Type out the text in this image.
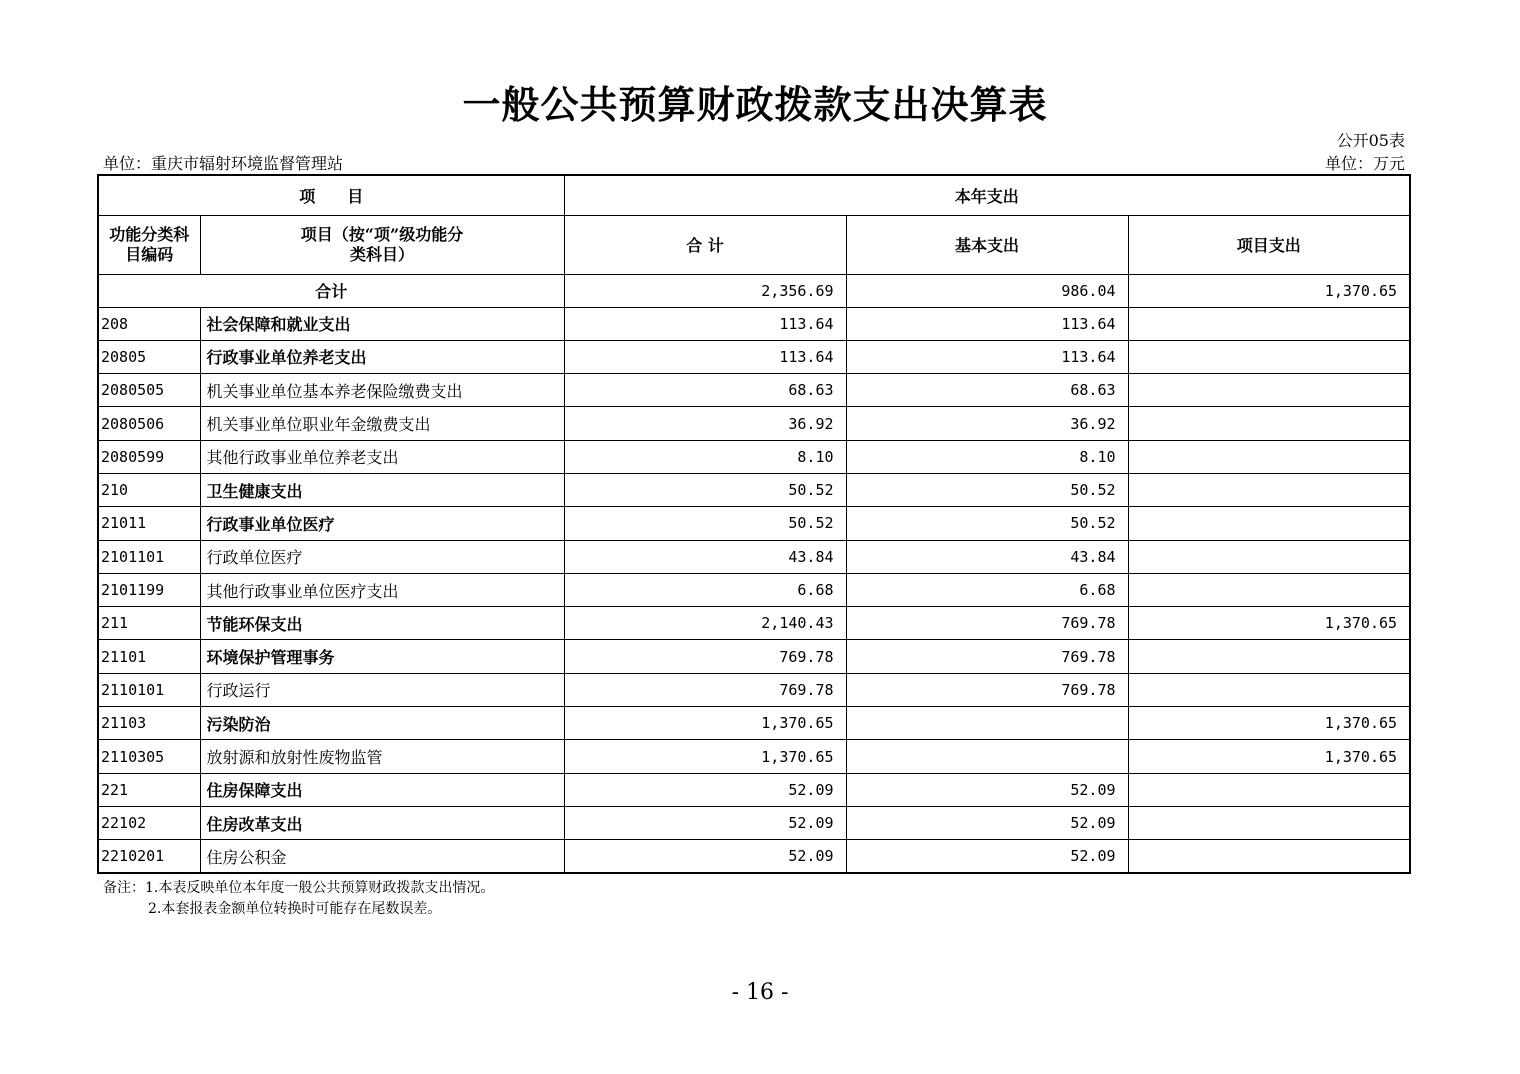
一般公共预算财政拨款支出决算表
公开05表
单位：重庆市辐射环境监督管理站	单位：万元
项　　目		本年支出		
功能分类科目编码	项目（按“项”级功能分类科目）	合 计	基本支出	项目支出
合计		2,356.69	986.04	1,370.65
208	社会保障和就业支出	113.64	113.64	
20805	行政事业单位养老支出	113.64	113.64	
2080505	机关事业单位基本养老保险缴费支出	68.63	68.63	
2080506	机关事业单位职业年金缴费支出	36.92	36.92	
2080599	其他行政事业单位养老支出	8.10	8.10	
210	卫生健康支出	50.52	50.52	
21011	行政事业单位医疗	50.52	50.52	
2101101	行政单位医疗	43.84	43.84	
2101199	其他行政事业单位医疗支出	6.68	6.68	
211	节能环保支出	2,140.43	769.78	1,370.65
21101	环境保护管理事务	769.78	769.78	
2110101	行政运行	769.78	769.78	
21103	污染防治	1,370.65		1,370.65
2110305	放射源和放射性废物监管	1,370.65		1,370.65
221	住房保障支出	52.09	52.09	
22102	住房改革支出	52.09	52.09	
2210201	住房公积金	52.09	52.09	
备注：1.本表反映单位本年度一般公共预算财政拨款支出情况。
2.本套报表金额单位转换时可能存在尾数误差。
- 16 -
